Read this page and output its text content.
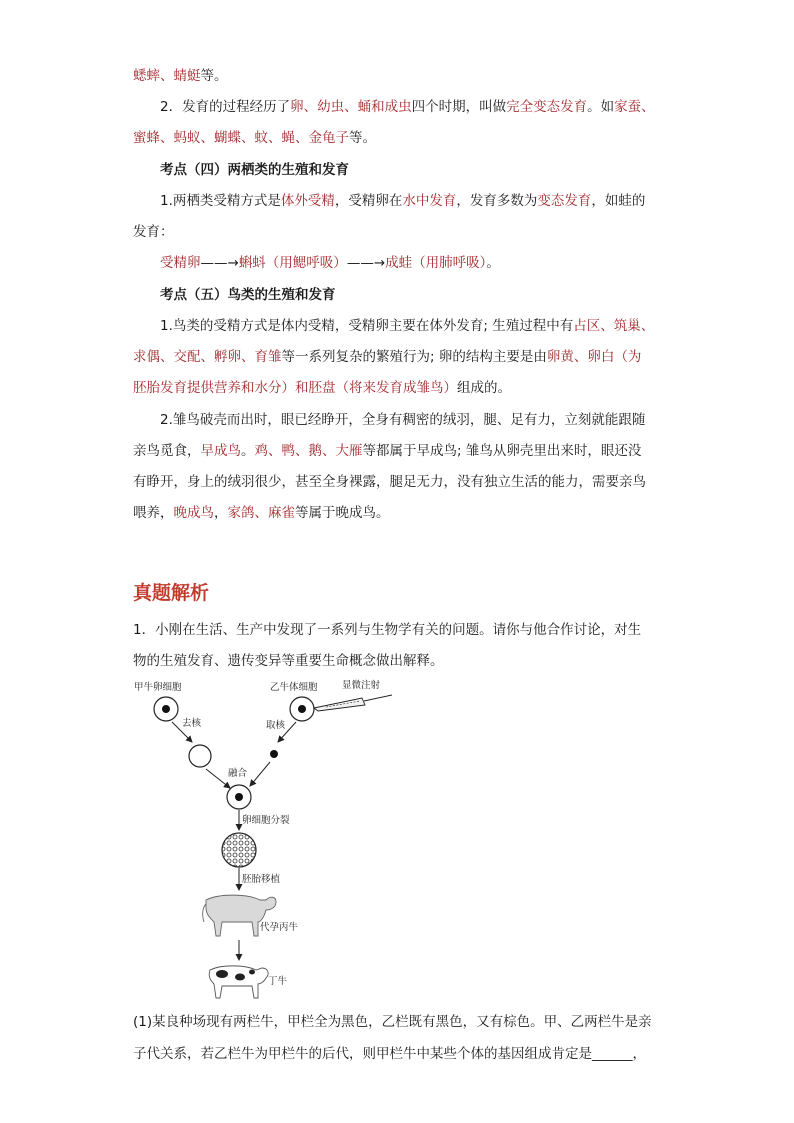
蟋蟀、蜻蜓等。
2．发育的过程经历了卵、幼虫、蛹和成虫四个时期，叫做完全变态发育。如家蚕、
蜜蜂、蚂蚁、蝴蝶、蚊、蝇、金龟子等。
考点（四）两栖类的生殖和发育
1.两栖类受精方式是体外受精，受精卵在水中发育，发育多数为变态发育，如蛙的
发育：
受精卵——→蝌蚪（用鳃呼吸）——→成蛙（用肺呼吸）。
考点（五）鸟类的生殖和发育
1.鸟类的受精方式是体内受精，受精卵主要在体外发育; 生殖过程中有占区、筑巢、
求偶、交配、孵卵、育雏等一系列复杂的繁殖行为; 卵的结构主要是由卵黄、卵白（为
胚胎发育提供营养和水分）和胚盘（将来发育成雏鸟）组成的。
2.雏鸟破壳而出时，眼已经睁开，全身有稠密的绒羽，腿、足有力，立刻就能跟随
亲鸟觅食，早成鸟。鸡、鸭、鹅、大雁等都属于早成鸟; 雏鸟从卵壳里出来时，眼还没
有睁开，身上的绒羽很少，甚至全身裸露，腿足无力，没有独立生活的能力，需要亲鸟
喂养，晚成鸟，家鸽、麻雀等属于晚成鸟。
真题解析
1．小刚在生活、生产中发现了一系列与生物学有关的问题。请你与他合作讨论，对生
物的生殖发育、遗传变异等重要生命概念做出解释。
甲牛卵细胞	乙牛体细胞	显微注射
去核	取核
融合
卵细胞分裂
胚胎移植
代孕丙牛
丁牛
(1)某良种场现有两栏牛，甲栏全为黑色，乙栏既有黑色，又有棕色。甲、乙两栏牛是亲
子代关系，若乙栏牛为甲栏牛的后代，则甲栏牛中某些个体的基因组成肯定是______，
